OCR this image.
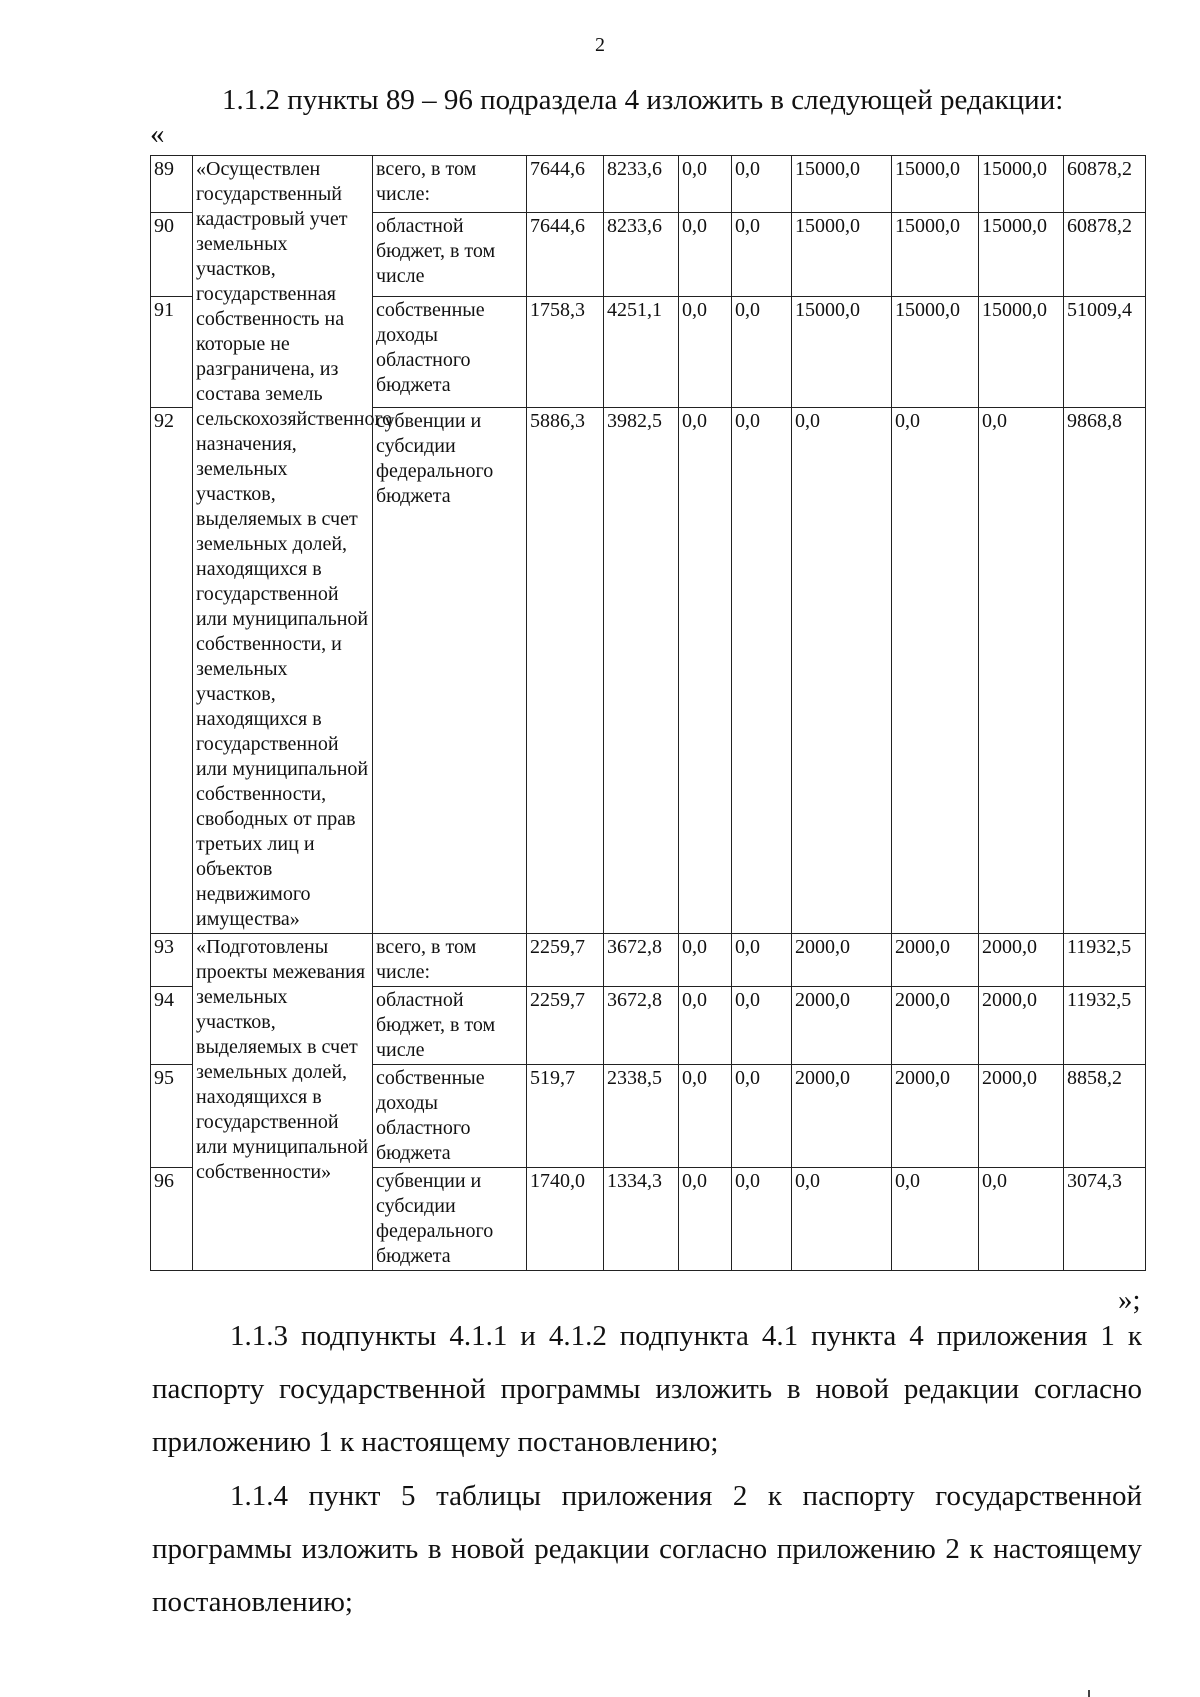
2
1.1.2 пункты 89 – 96 подраздела 4 изложить в следующей редакции:
«
89	«Осуществлен государственный кадастровый учет земельных участков, государственная собственность на которые не разграничена, из состава земель сельскохозяйственного назначения, земельных участков, выделяемых в счет земельных долей, находящихся в государственной или муниципальной собственности, и земельных участков, находящихся в государственной или муниципальной собственности, свободных от прав третьих лиц и объектов недвижимого имущества»	всего, в том числе:	7644,6	8233,6	0,0	0,0	15000,0	15000,0	15000,0	60878,2
90		областной бюджет, в том числе	7644,6	8233,6	0,0	0,0	15000,0	15000,0	15000,0	60878,2
91		собственные доходы областного бюджета	1758,3	4251,1	0,0	0,0	15000,0	15000,0	15000,0	51009,4
92		субвенции и субсидии федерального бюджета	5886,3	3982,5	0,0	0,0	0,0	0,0	0,0	9868,8
93	«Подготовлены проекты межевания земельных участков, выделяемых в счет земельных долей, находящихся в государственной или муниципальной собственности»	всего, в том числе:	2259,7	3672,8	0,0	0,0	2000,0	2000,0	2000,0	11932,5
94		областной бюджет, в том числе	2259,7	3672,8	0,0	0,0	2000,0	2000,0	2000,0	11932,5
95		собственные доходы областного бюджета	519,7	2338,5	0,0	0,0	2000,0	2000,0	2000,0	8858,2
96		субвенции и субсидии федерального бюджета	1740,0	1334,3	0,0	0,0	0,0	0,0	0,0	3074,3
»;
1.1.3 подпункты 4.1.1 и 4.1.2 подпункта 4.1 пункта 4 приложения 1 к паспорту государственной программы изложить в новой редакции согласно приложению 1 к настоящему постановлению;
1.1.4 пункт 5 таблицы приложения 2 к паспорту государственной программы изложить в новой редакции согласно приложению 2 к настоящему постановлению;
